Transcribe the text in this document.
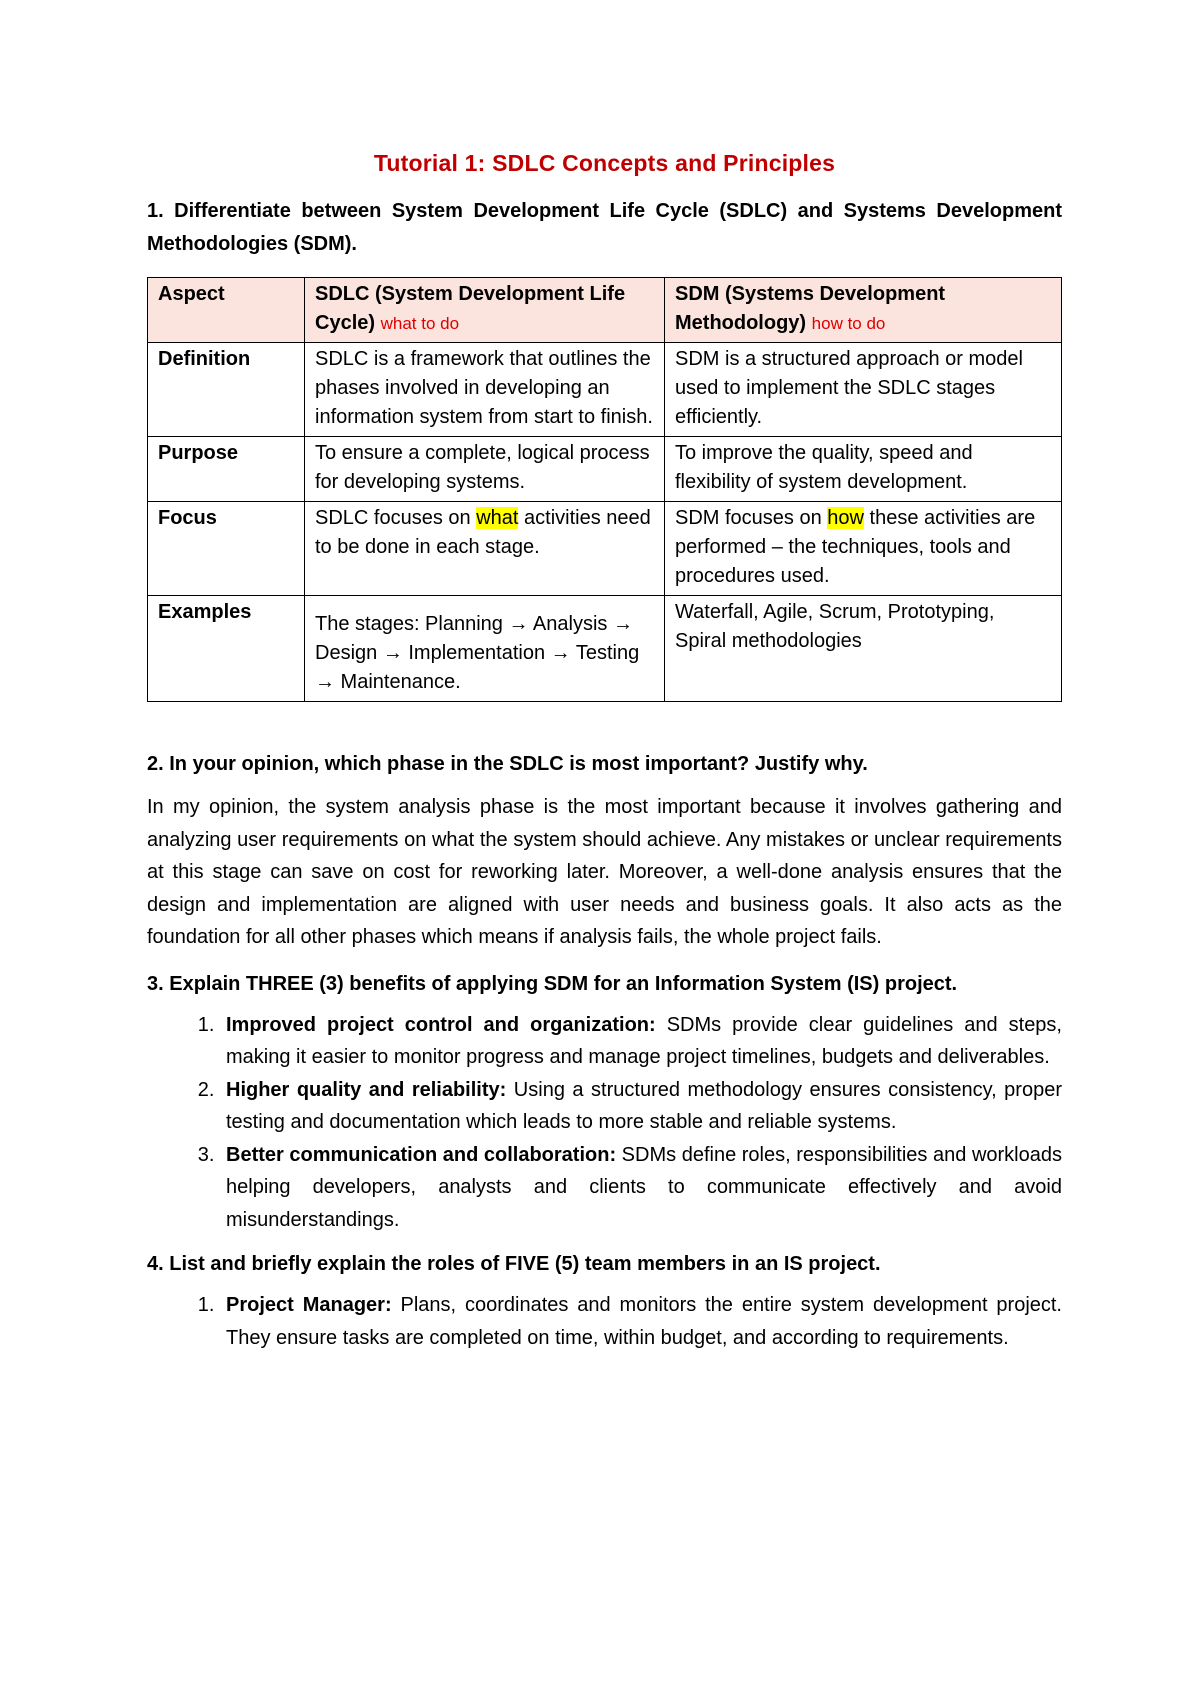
Tutorial 1: SDLC Concepts and Principles

1. Differentiate between System Development Life Cycle (SDLC) and Systems Development Methodologies (SDM).

Aspect	SDLC (System Development Life Cycle) what to do	SDM (Systems Development Methodology) how to do
Definition	SDLC is a framework that outlines the phases involved in developing an information system from start to finish.	SDM is a structured approach or model used to implement the SDLC stages efficiently.
Purpose	To ensure a complete, logical process for developing systems.	To improve the quality, speed and flexibility of system development.
Focus	SDLC focuses on what activities need to be done in each stage.	SDM focuses on how these activities are performed – the techniques, tools and procedures used.
Examples	The stages: Planning → Analysis → Design → Implementation → Testing → Maintenance.	Waterfall, Agile, Scrum, Prototyping, Spiral methodologies

2. In your opinion, which phase in the SDLC is most important? Justify why.

In my opinion, the system analysis phase is the most important because it involves gathering and analyzing user requirements on what the system should achieve. Any mistakes or unclear requirements at this stage can save on cost for reworking later. Moreover, a well-done analysis ensures that the design and implementation are aligned with user needs and business goals. It also acts as the foundation for all other phases which means if analysis fails, the whole project fails.

3. Explain THREE (3) benefits of applying SDM for an Information System (IS) project.

1. Improved project control and organization: SDMs provide clear guidelines and steps, making it easier to monitor progress and manage project timelines, budgets and deliverables.
2. Higher quality and reliability: Using a structured methodology ensures consistency, proper testing and documentation which leads to more stable and reliable systems.
3. Better communication and collaboration: SDMs define roles, responsibilities and workloads helping developers, analysts and clients to communicate effectively and avoid misunderstandings.

4. List and briefly explain the roles of FIVE (5) team members in an IS project.

1. Project Manager: Plans, coordinates and monitors the entire system development project. They ensure tasks are completed on time, within budget, and according to requirements.
